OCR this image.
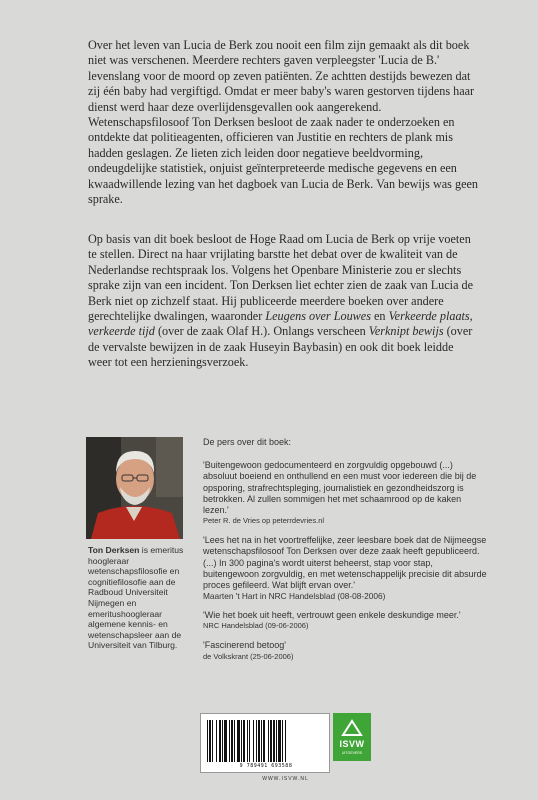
Over het leven van Lucia de Berk zou nooit een film zijn gemaakt als dit boek niet was verschenen. Meerdere rechters gaven verpleegster 'Lucia de B.' levenslang voor de moord op zeven patiënten. Ze achtten destijds bewezen dat zij één baby had vergiftigd. Omdat er meer baby's waren gestorven tijdens haar dienst werd haar deze overlijdensgevallen ook aangerekend. Wetenschapsfilosoof Ton Derksen besloot de zaak nader te onderzoeken en ontdekte dat politieagenten, officieren van Justitie en rechters de plank mis hadden geslagen. Ze lieten zich leiden door negatieve beeldvorming, ondeugdelijke statistiek, onjuist geïnterpreteerde medische gegevens en een kwaadwillende lezing van het dagboek van Lucia de Berk. Van bewijs was geen sprake.
Op basis van dit boek besloot de Hoge Raad om Lucia de Berk op vrije voeten te stellen. Direct na haar vrijlating barstte het debat over de kwaliteit van de Nederlandse rechtspraak los. Volgens het Openbare Ministerie zou er slechts sprake zijn van een incident. Ton Derksen liet echter zien de zaak van Lucia de Berk niet op zichzelf staat. Hij publiceerde meerdere boeken over andere gerechtelijke dwalingen, waaronder Leugens over Louwes en Verkeerde plaats, verkeerde tijd (over de zaak Olaf H.). Onlangs verscheen Verknipt bewijs (over de vervalste bewijzen in de zaak Huseyin Baybasin) en ook dit boek leidde weer tot een herzieningsverzoek.
Ton Derksen is emeritus hoogleraar wetenschapsfilosofie en cognitiefilosofie aan de Radboud Universiteit Nijmegen en emeritushoogleraar algemene kennis- en wetenschapsleer aan de Universiteit van Tilburg.
De pers over dit boek:
'Buitengewoon gedocumenteerd en zorgvuldig opgebouwd (...) absoluut boeiend en onthullend en een must voor iedereen die bij de opsporing, strafrechtspleging, journalistiek en gezondheidszorg is betrokken. Al zullen sommigen het met schaamrood op de kaken lezen.'
Peter R. de Vries op peterrdevries.nl
'Lees het na in het voortreffelijke, zeer leesbare boek dat de Nijmeegse wetenschapsfilosoof Ton Derksen over deze zaak heeft gepubliceerd. (...) In 300 pagina's wordt uiterst beheerst, stap voor stap, buitengewoon zorgvuldig, en met wetenschappelijk precisie dit absurde proces gefileerd. Wat blijft ervan over.'
Maarten 't Hart in NRC Handelsblad (08-08-2006)
'Wie het boek uit heeft, vertrouwt geen enkele deskundige meer.'
NRC Handelsblad (09-06-2006)
'Fascinerend betoog'
de Volkskrant (25-06-2006)
9 789491 693588
ISVW
UITGEVERS
WWW.ISVW.NL
